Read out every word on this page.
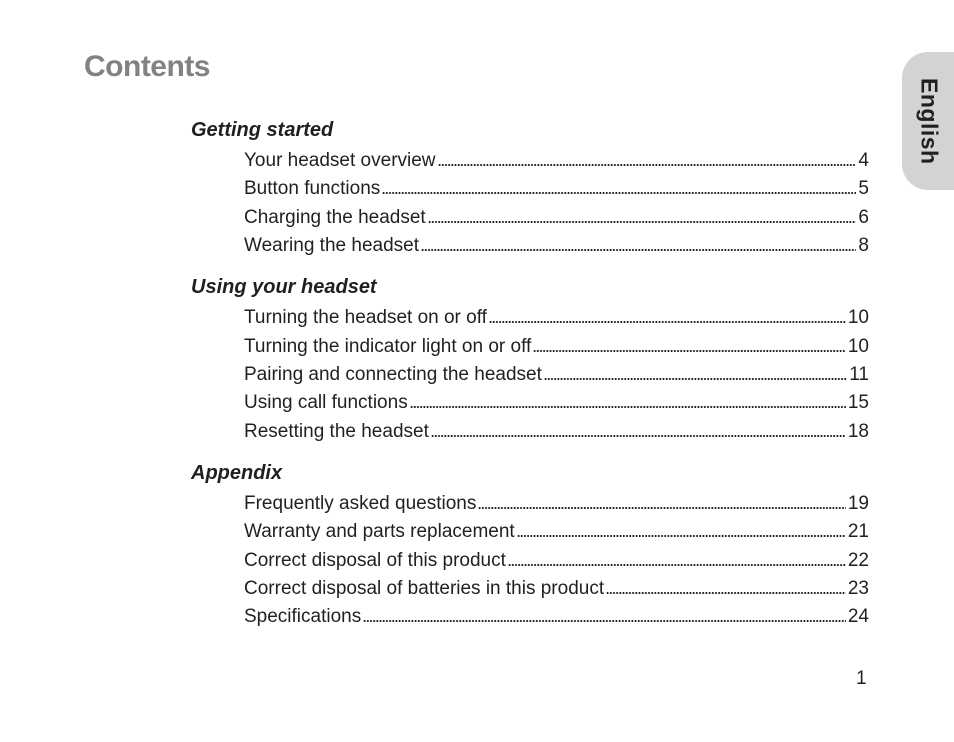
Contents
English
Getting started
Your headset overview	4
Button functions	5
Charging the headset	6
Wearing the headset	8
Using your headset
Turning the headset on or off	10
Turning the indicator light on or off	10
Pairing and connecting the headset	11
Using call functions	15
Resetting the headset	18
Appendix
Frequently asked questions	19
Warranty and parts replacement	21
Correct disposal of this product	22
Correct disposal of batteries in this product	23
Specifications	24
1
